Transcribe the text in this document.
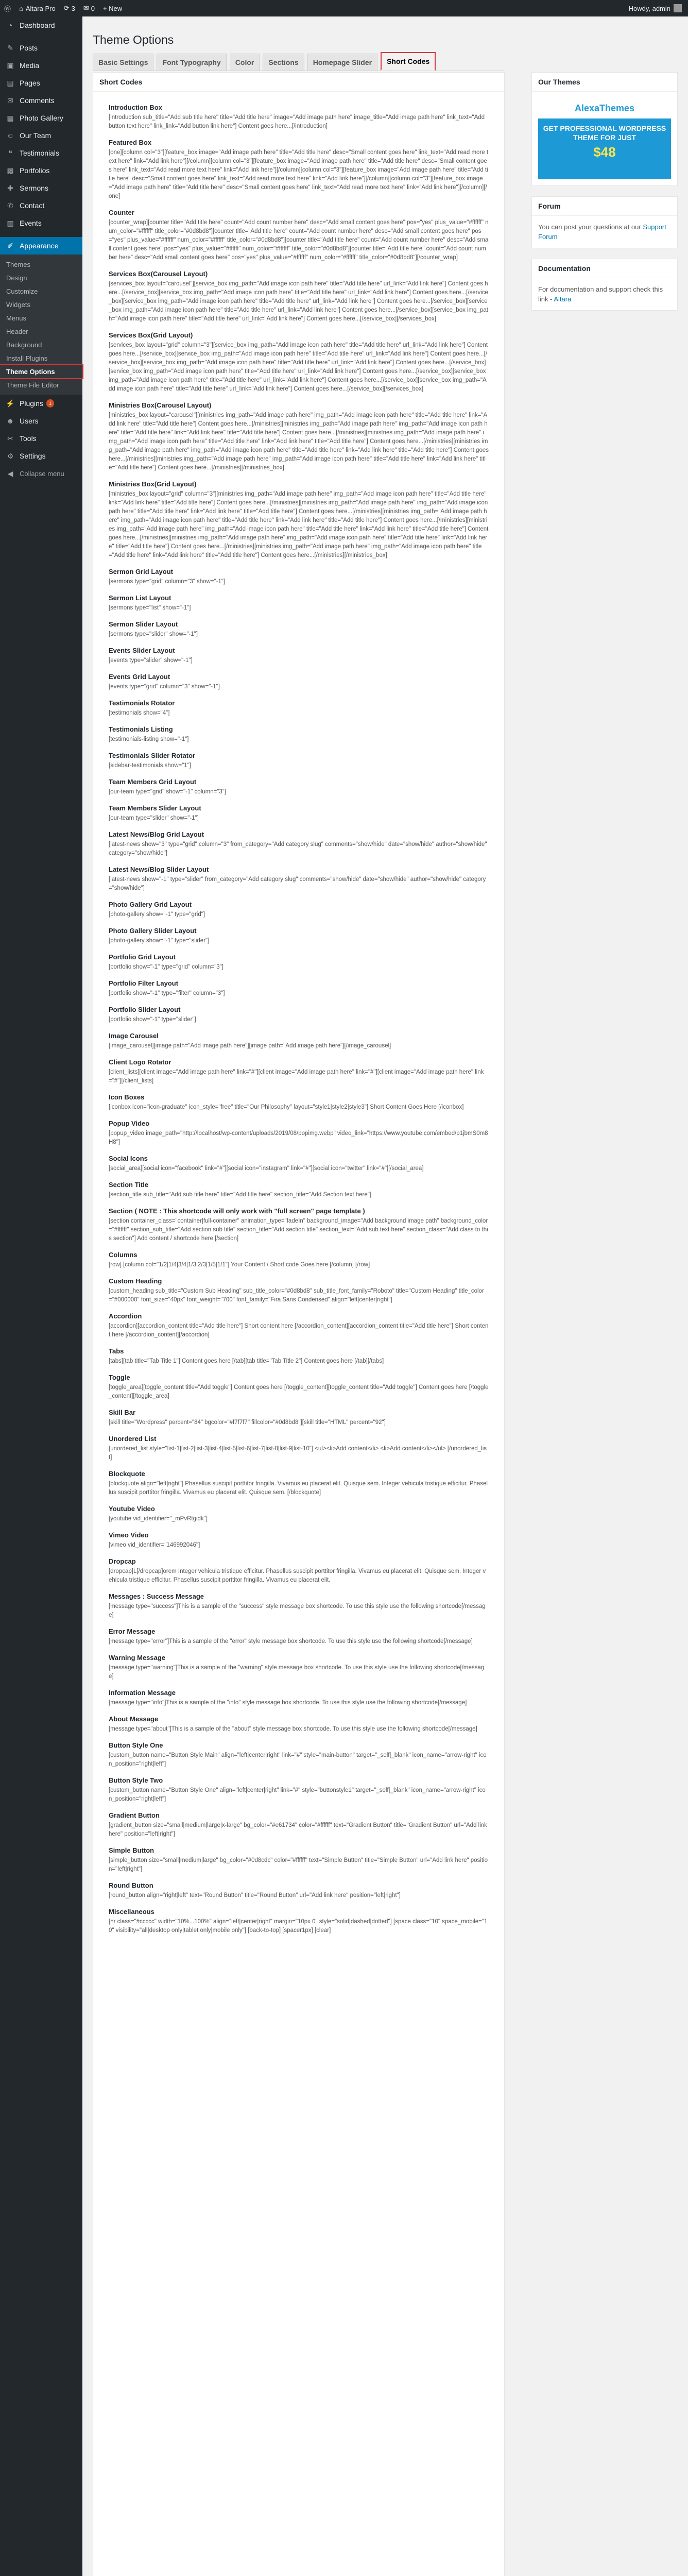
ⓦ	⌂ Altara Pro ⟳ 3 ✉ 0	+ New	Howdy, admin
◔ Dashboard
✎ Posts
▣ Media
▤ Pages
✉ Comments
▦ Photo Gallery
☺ Our Team
❝	Testimonials
▩ Portfolios
✚ Sermons
✆ Contact
▥ Events
✐ Appearance
Themes
Design
Customize
Widgets
Menus
Header
Background
Install Plugins
Theme Options
Theme File Editor
⚡ Plugins	1
☻ Users
✂ Tools
⚙ Settings
◀ Collapse menu
Theme Options
Basic Settings	Font Typography	Color	Sections	Homepage Slider	Short Codes
Short Codes
Introduction Box
[introduction sub_title="Add sub title here" title="Add title here" image="Add image path here" image_title="Add image path here" link_text="Add button text here" link_link="Add button link here"] Content goes here...[/introduction]
Featured Box
[one][column col="3"][feature_box image="Add image path here" title="Add title here" desc="Small content goes here" link_text="Add read more text here" link="Add link here"][/column][column col="3"][feature_box image="Add image path here" title="Add title here" desc="Small content goes here" link_text="Add read more text here" link="Add link here"][/column][column col="3"][feature_box image="Add image path here" title="Add title here" desc="Small content goes here" link_text="Add read more text here" link="Add link here"][/column][column col="3"][feature_box image="Add image path here" title="Add title here" desc="Small content goes here" link_text="Add read more text here" link="Add link here"][/column][/one]
Counter
[counter_wrap][counter title="Add title here" count="Add count number here" desc="Add small content goes here" pos="yes" plus_value="#ffffff" num_color="#ffffff" title_color="#0d8bd8"][counter title="Add title here" count="Add count number here" desc="Add small content goes here" pos="yes" plus_value="#ffffff" num_color="#ffffff" title_color="#0d8bd8"][counter title="Add title here" count="Add count number here" desc="Add small content goes here" pos="yes" plus_value="#ffffff" num_color="#ffffff" title_color="#0d8bd8"][counter title="Add title here" count="Add count number here" desc="Add small content goes here" pos="yes" plus_value="#ffffff" num_color="#ffffff" title_color="#0d8bd8"][/counter_wrap]
Services Box(Carousel Layout)
[services_box layout="carousel"][service_box img_path="Add image icon path here" title="Add title here" url_link="Add link here"] Content goes here...[/service_box][service_box img_path="Add image icon path here" title="Add title here" url_link="Add link here"] Content goes here...[/service_box][service_box img_path="Add image icon path here" title="Add title here" url_link="Add link here"] Content goes here...[/service_box][service_box img_path="Add image icon path here" title="Add title here" url_link="Add link here"] Content goes here...[/service_box][service_box img_path="Add image icon path here" title="Add title here" url_link="Add link here"] Content goes here...[/service_box][/services_box]
Services Box(Grid Layout)
[services_box layout="grid" column="3"][service_box img_path="Add image icon path here" title="Add title here" url_link="Add link here"] Content goes here...[/service_box][service_box img_path="Add image icon path here" title="Add title here" url_link="Add link here"] Content goes here...[/service_box][service_box img_path="Add image icon path here" title="Add title here" url_link="Add link here"] Content goes here...[/service_box][service_box img_path="Add image icon path here" title="Add title here" url_link="Add link here"] Content goes here...[/service_box][service_box img_path="Add image icon path here" title="Add title here" url_link="Add link here"] Content goes here...[/service_box][service_box img_path="Add image icon path here" title="Add title here" url_link="Add link here"] Content goes here...[/service_box][/services_box]
Ministries Box(Carousel Layout)
[ministries_box layout="carousel"][ministries img_path="Add image path here" img_path="Add image icon path here" title="Add title here" link="Add link here" title="Add title here"] Content goes here...[/ministries][ministries img_path="Add image path here" img_path="Add image icon path here" title="Add title here" link="Add link here" title="Add title here"] Content goes here...[/ministries][ministries img_path="Add image path here" img_path="Add image icon path here" title="Add title here" link="Add link here" title="Add title here"] Content goes here...[/ministries][ministries img_path="Add image path here" img_path="Add image icon path here" title="Add title here" link="Add link here" title="Add title here"] Content goes here...[/ministries][ministries img_path="Add image path here" img_path="Add image icon path here" title="Add title here" link="Add link here" title="Add title here"] Content goes here...[/ministries][/ministries_box]
Ministries Box(Grid Layout)
[ministries_box layout="grid" column="3"][ministries img_path="Add image path here" img_path="Add image icon path here" title="Add title here" link="Add link here" title="Add title here"] Content goes here...[/ministries][ministries img_path="Add image path here" img_path="Add image icon path here" title="Add title here" link="Add link here" title="Add title here"] Content goes here...[/ministries][ministries img_path="Add image path here" img_path="Add image icon path here" title="Add title here" link="Add link here" title="Add title here"] Content goes here...[/ministries][ministries img_path="Add image path here" img_path="Add image icon path here" title="Add title here" link="Add link here" title="Add title here"] Content goes here...[/ministries][ministries img_path="Add image path here" img_path="Add image icon path here" title="Add title here" link="Add link here" title="Add title here"] Content goes here...[/ministries][ministries img_path="Add image path here" img_path="Add image icon path here" title="Add title here" link="Add link here" title="Add title here"] Content goes here...[/ministries][/ministries_box]
Sermon Grid Layout
[sermons type="grid" column="3" show="-1"]
Sermon List Layout
[sermons type="list" show="-1"]
Sermon Slider Layout
[sermons type="slider" show="-1"]
Events Slider Layout
[events type="slider" show="-1"]
Events Grid Layout
[events type="grid" column="3" show="-1"]
Testimonials Rotator
[testimonials show="4"]
Testimonials Listing
[testimonials-listing show="-1"]
Testimonials Slider Rotator
[sidebar-testimonials show="1"]
Team Members Grid Layout
[our-team type="grid" show="-1" column="3"]
Team Members Slider Layout
[our-team type="slider" show="-1"]
Latest News/Blog Grid Layout
[latest-news show="3" type="grid" column="3" from_category="Add category slug" comments="show/hide" date="show/hide" author="show/hide" category="show/hide"]
Latest News/Blog Slider Layout
[latest-news show="-1" type="slider" from_category="Add category slug" comments="show/hide" date="show/hide" author="show/hide" category="show/hide"]
Photo Gallery Grid Layout
[photo-gallery show="-1" type="grid"]
Photo Gallery Slider Layout
[photo-gallery show="-1" type="slider"]
Portfolio Grid Layout
[portfolio show="-1" type="grid" column="3"]
Portfolio Filter Layout
[portfolio show="-1" type="filter" column="3"]
Portfolio Slider Layout
[portfolio show="-1" type="slider"]
Image Carousel
[image_carousel][image path="Add image path here"][image path="Add image path here"][/image_carousel]
Client Logo Rotator
[client_lists][client image="Add image path here" link="#"][client image="Add image path here" link="#"][client image="Add image path here" link="#"][/client_lists]
Icon Boxes
[iconbox icon="icon-graduate" icon_style="free" title="Our Philosophy" layout="style1|style2|style3"] Short Content Goes Here [/iconbox]
Popup Video
[popup_video image_path="http://localhost/wp-content/uploads/2019/08/popimg.webp" video_link="https://www.youtube.com/embed/p1jbmS0m8H8"]
Social Icons
[social_area][social icon="facebook" link="#"][social icon="instagram" link="#"][social icon="twitter" link="#"][/social_area]
Section Title
[section_title sub_title="Add sub title here" title="Add title here" section_title="Add Section text here"]
Section ( NOTE : This shortcode will only work with "full screen" page template )
[section container_class="container|full-container" animation_type="fadeIn" background_image="Add background image path" background_color="#ffffff" section_sub_title="Add section sub title" section_title="Add section title" section_text="Add sub text here" section_class="Add class to this section"] Add content / shortcode here [/section]
Columns
[row] [column col="1/2|1/4|3/4|1/3|2/3|1/5|1/1"] Your Content / Short code Goes here [/column] [/row]
Custom Heading
[custom_heading sub_title="Custom Sub Heading" sub_title_color="#0d8bd8" sub_title_font_family="Roboto" title="Custom Heading" title_color="#000000" font_size="40px" font_weight="700" font_family="Fira Sans Condensed" align="left|center|right"]
Accordion
[accordion][accordion_content title="Add title here"] Short content here [/accordion_content][accordion_content title="Add title here"] Short content here [/accordion_content][/accordion]
Tabs
[tabs][tab title="Tab Title 1"] Content goes here [/tab][tab title="Tab Title 2"] Content goes here [/tab][/tabs]
Toggle
[toggle_area][toggle_content title="Add toggle"] Content goes here [/toggle_content][toggle_content title="Add toggle"] Content goes here [/toggle_content][/toggle_area]
Skill Bar
[skill title="Wordpress" percent="84" bgcolor="#f7f7f7" fillcolor="#0d8bd8"][skill title="HTML" percent="92"]
Unordered List
[unordered_list style="list-1|list-2|list-3|list-4|list-5|list-6|list-7|list-8|list-9|list-10"] <ul><li>Add content</li> <li>Add content</li></ul> [/unordered_list]
Blockquote
[blockquote align="left|right"] Phasellus suscipit porttitor fringilla. Vivamus eu placerat elit. Quisque sem. Integer vehicula tristique efficitur. Phasellus suscipit porttitor fringilla. Vivamus eu placerat elit. Quisque sem. [/blockquote]
Youtube Video
[youtube vid_identifier="_mPvRtgidk"]
Vimeo Video
[vimeo vid_identifier="146992046"]
Dropcap
[dropcap]L[/dropcap]orem Integer vehicula tristique efficitur. Phasellus suscipit porttitor fringilla. Vivamus eu placerat elit. Quisque sem. Integer vehicula tristique efficitur. Phasellus suscipit porttitor fringilla. Vivamus eu placerat elit.
Messages : Success Message
[message type="success"]This is a sample of the "success" style message box shortcode. To use this style use the following shortcode[/message]
Error Message
[message type="error"]This is a sample of the "error" style message box shortcode. To use this style use the following shortcode[/message]
Warning Message
[message type="warning"]This is a sample of the "warning" style message box shortcode. To use this style use the following shortcode[/message]
Information Message
[message type="info"]This is a sample of the "info" style message box shortcode. To use this style use the following shortcode[/message]
About Message
[message type="about"]This is a sample of the "about" style message box shortcode. To use this style use the following shortcode[/message]
Button Style One
[custom_button name="Button Style Main" align="left|center|right" link="#" style="main-button" target="_self|_blank" icon_name="arrow-right" icon_position="right|left"]
Button Style Two
[custom_button name="Button Style One" align="left|center|right" link="#" style="buttonstyle1" target="_self|_blank" icon_name="arrow-right" icon_position="right|left"]
Gradient Button
[gradient_button size="small|medium|large|x-large" bg_color="#e61734" color="#ffffff" text="Gradient Button" title="Gradient Button" url="Add link here" position="left|right"]
Simple Button
[simple_button size="small|medium|large" bg_color="#0d8cdc" color="#ffffff" text="Simple Button" title="Simple Button" url="Add link here" position="left|right"]
Round Button
[round_button align="right|left" text="Round Button" title="Round Button" url="Add link here" position="left|right"]
Miscellaneous
[hr class="#ccccc" width="10%...100%" align="left|center|right" margin="10px 0" style="solid|dashed|dotted"] [space class="10" space_mobile="10" visibility="all|desktop only|tablet only|mobile only"] [back-to-top] [spacer1px] [clear]
Our Themes
AlexaThemes
GET PROFESSIONAL WORDPRESS THEME FOR JUST
$48
Forum
You can post your questions at our Support Forum
Documentation
For documentation and support check this link - Altara
